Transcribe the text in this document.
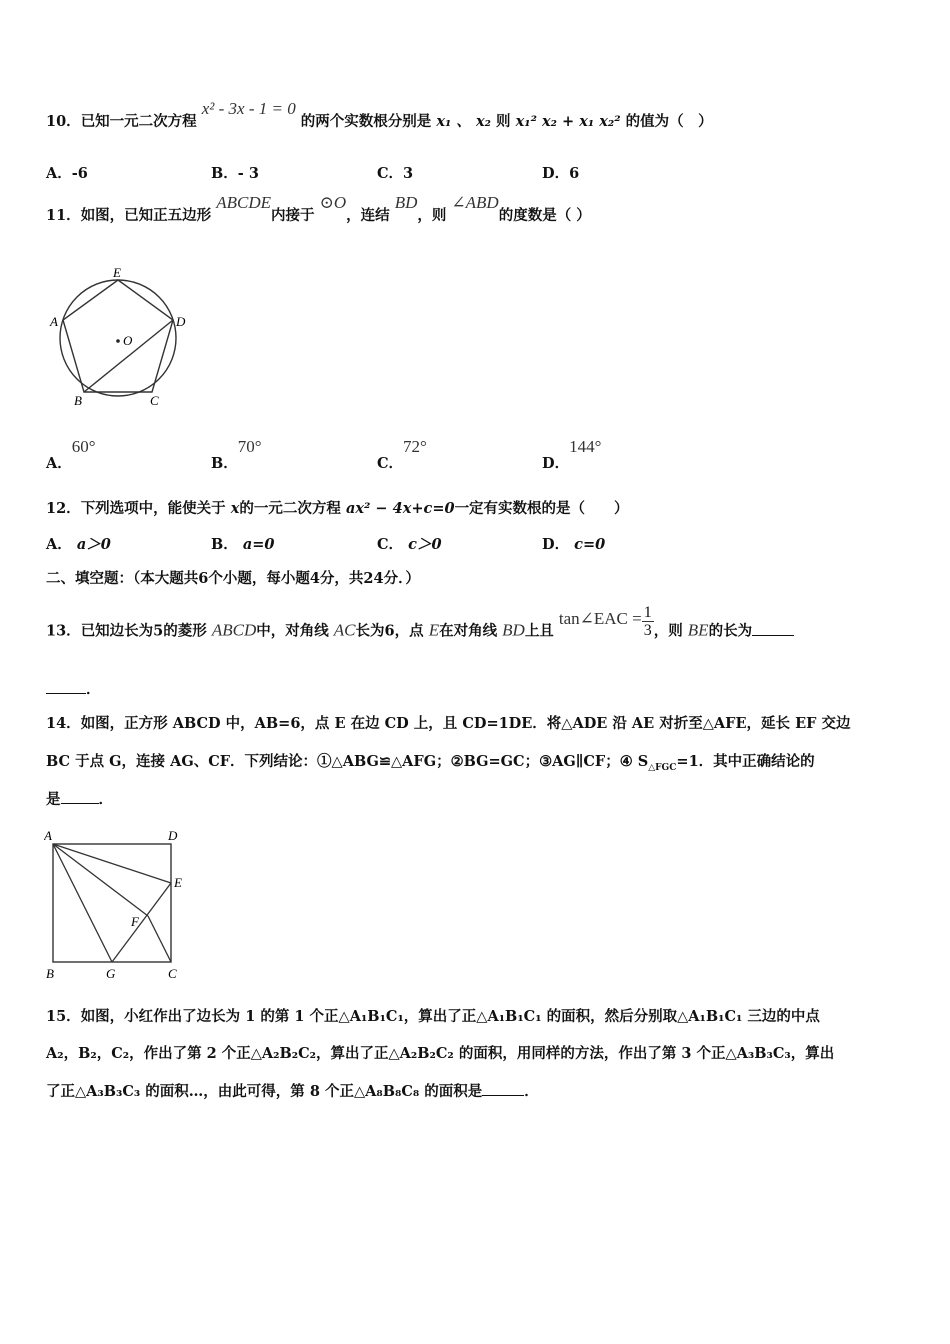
10．已知一元二次方程 x² - 3x - 1 = 0 的两个实数根分别是 x₁ 、 x₂ 则 x₁² x₂ + x₁ x₂² 的值为（　）
A．-6	B．- 3	C．3	D．6
11．如图，已知正五边形 ABCDE内接于 ⊙O，连结 BD，则 ∠ABD的度数是（ ）
O
E
A	D
B	C
A．60°
B．70°
C．72°
D．144°
12．下列选项中，能使关于 x的一元二次方程 ax² − 4x+c=0一定有实数根的是（　　）
A． a＞0	B． a=0	C． c＞0	D． c=0
二、填空题：（本大题共6个小题，每小题4分，共24分．）
13．已知边长为5的菱形 ABCD中，对角线 AC长为6，点 E在对角线 BD上且 tan∠EAC = $\frac{1}{3}$ ，则 BE的长为
．
14．如图，正方形 ABCD 中，AB=6，点 E 在边 CD 上，且 CD=1DE．将△ADE 沿 AE 对折至△AFE，延长 EF 交边
BC 于点 G，连接 AG、CF．下列结论：①△ABG≌△AFG；②BG=GC；③AG∥CF；④ $S_{\triangle FGC}=1$．其中正确结论的
是	．
A	D
E
F
B	G	C
15．如图，小红作出了边长为 1 的第 1 个正△A₁B₁C₁，算出了正△A₁B₁C₁ 的面积，然后分别取△A₁B₁C₁ 三边的中点
A₂，B₂，C₂，作出了第 2 个正△A₂B₂C₂，算出了正△A₂B₂C₂ 的面积，用同样的方法，作出了第 3 个正△A₃B₃C₃，算出
了正△A₃B₃C₃ 的面积…，由此可得，第 8 个正△A₈B₈C₈ 的面积是	．
